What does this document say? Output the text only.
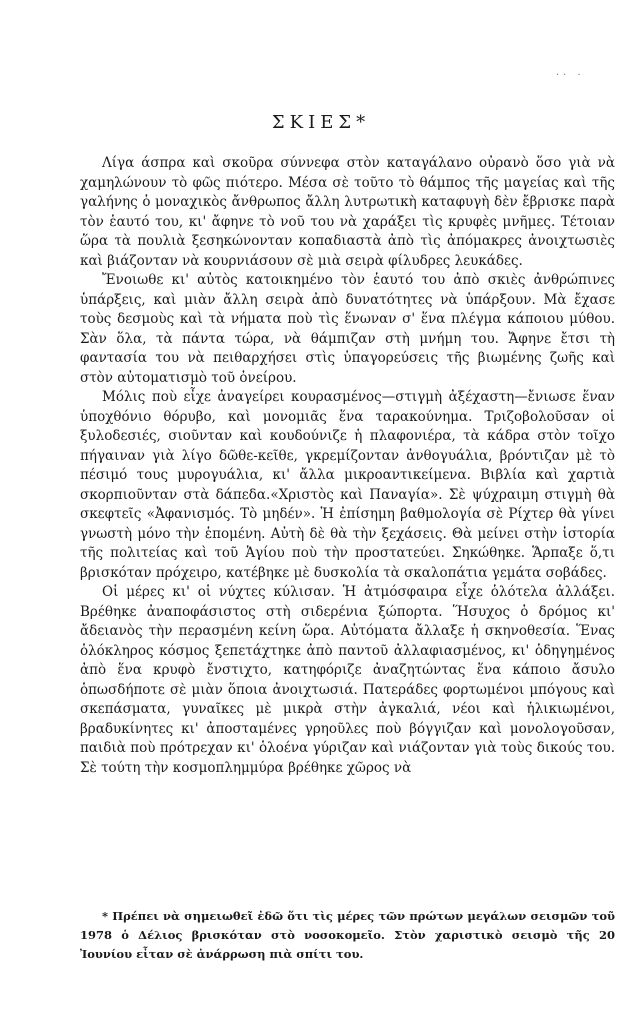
·· ·
ΣΚΙΕΣ*

Λίγα άσπρα καὶ σκοῦρα σύννεφα στὸν καταγάλανο οὐρανὸ ὅσο γιὰ νὰ χαμηλώνουν τὸ φῶς πιότερο. Μέσα σὲ τοῦτο τὸ θάμπος τῆς μαγείας καὶ τῆς γαλήνης ὁ μοναχικὸς ἄνθρωπος ἄλλη λυτρωτικὴ καταφυγὴ δὲν ἔβρισκε παρὰ τὸν ἑαυτό του, κι' ἄφηνε τὸ νοῦ του νὰ χαράξει τὶς κρυφὲς μνῆμες. Τέτοιαν ὥρα τὰ πουλιὰ ξεσηκώνονταν κοπαδιαστὰ ἀπὸ τὶς ἀπόμακρες ἀνοιχτωσιὲς καὶ βιάζονταν νὰ κουρνιάσουν σὲ μιὰ σειρὰ φίλυδρες λευκάδες.

Ἔνοιωθε κι' αὐτὸς κατοικημένο τὸν ἑαυτό του ἀπὸ σκιὲς ἀνθρώπινες ὑπάρξεις, καὶ μιὰν ἄλλη σειρὰ ἀπὸ δυνατότητες νὰ ὑπάρξουν. Μὰ ἔχασε τοὺς δεσμοὺς καὶ τὰ νήματα ποὺ τὶς ἕνωναν σ' ἕνα πλέγμα κάποιου μύθου. Σὰν ὅλα, τὰ πάντα τώρα, νὰ θάμπιζαν στὴ μνήμη του. Ἄφηνε ἔτσι τὴ φαντασία του νὰ πειθαρχήσει στὶς ὑπαγορεύσεις τῆς βιωμένης ζωῆς καὶ στὸν αὐτοματισμὸ τοῦ ὀνείρου.

Μόλις ποὺ εἶχε ἀναγείρει κουρασμένος—στιγμὴ ἀξέχαστη—ἔνιωσε ἕναν ὑποχθόνιο θόρυβο, καὶ μονομιᾶς ἕνα ταρακούνημα. Τριζοβολοῦσαν οἱ ξυλοδεσιές, σιοῦνταν καὶ κουδούνιζε ἡ πλαφονιέρα, τὰ κάδρα στὸν τοῖχο πήγαιναν γιὰ λίγο δῶθε-κεῖθε, γκρεμίζονταν ἀνθογυάλια, βρόντιζαν μὲ τὸ πέσιμό τους μυρογυάλια, κι' ἄλλα μικροαντικείμενα. Βιβλία καὶ χαρτιὰ σκορπιοῦνταν στὰ δάπεδα.«Χριστὸς καὶ Παναγία». Σὲ ψύχραιμη στιγμὴ θὰ σκεφτεῖς «Ἀφανισμός. Τὸ μηδέν». Ἡ ἐπίσημη βαθμολογία σὲ Ρίχτερ θὰ γίνει γνωστὴ μόνο τὴν ἑπομένη. Αὐτὴ δὲ θὰ τὴν ξεχάσεις. Θὰ μείνει στὴν ἱστορία τῆς πολιτείας καὶ τοῦ Ἁγίου ποὺ τὴν προστατεύει. Σηκώθηκε. Ἅρπαξε ὅ,τι βρισκόταν πρόχειρο, κατέβηκε μὲ δυσκολία τὰ σκαλοπάτια γεμάτα σοβάδες.

Οἱ μέρες κι' οἱ νύχτες κύλισαν. Ἡ ἀτμόσφαιρα εἶχε ὁλότελα ἀλλάξει. Βρέθηκε ἀναποφάσιστος στὴ σιδερένια ξώπορτα. Ἥσυχος ὁ δρόμος κι' ἄδειανὸς τὴν περασμένη κείνη ὥρα. Αὐτόματα ἄλλαξε ἡ σκηνοθεσία. Ἕνας ὁλόκληρος κόσμος ξεπετάχτηκε ἀπὸ παντοῦ ἀλλαφιασμένος, κι' ὁδηγημένος ἀπὸ ἕνα κρυφὸ ἔνστιχτο, κατηφόριζε ἀναζητώντας ἕνα κάποιο ἄσυλο ὁπωσδήποτε σὲ μιὰν ὅποια ἀνοιχτωσιά. Πατεράδες φορτωμένοι μπόγους καὶ σκεπάσματα, γυναῖκες μὲ μικρὰ στὴν ἀγκαλιά, νέοι καὶ ἡλικιωμένοι, βραδυκίνητες κι' ἀποσταμένες γρηοῦλες ποὺ βόγγιζαν καὶ μονολογοῦσαν, παιδιὰ ποὺ πρότρεχαν κι' ὁλοένα γύριζαν καὶ νιάζονταν γιὰ τοὺς δικούς του. Σὲ τούτη τὴν κοσμοπλημμύρα βρέθηκε χῶρος νὰ

* Πρέπει νὰ σημειωθεῖ ἐδῶ ὅτι τὶς μέρες τῶν πρώτων μεγάλων σεισμῶν τοῦ 1978 ὁ Δέλιος βρισκόταν στὸ νοσοκομεῖο. Στὸν χαριστικὸ σεισμὸ τῆς 20 Ἰουνίου εἶταν σὲ ἀνάρρωση πιὰ σπίτι του.
